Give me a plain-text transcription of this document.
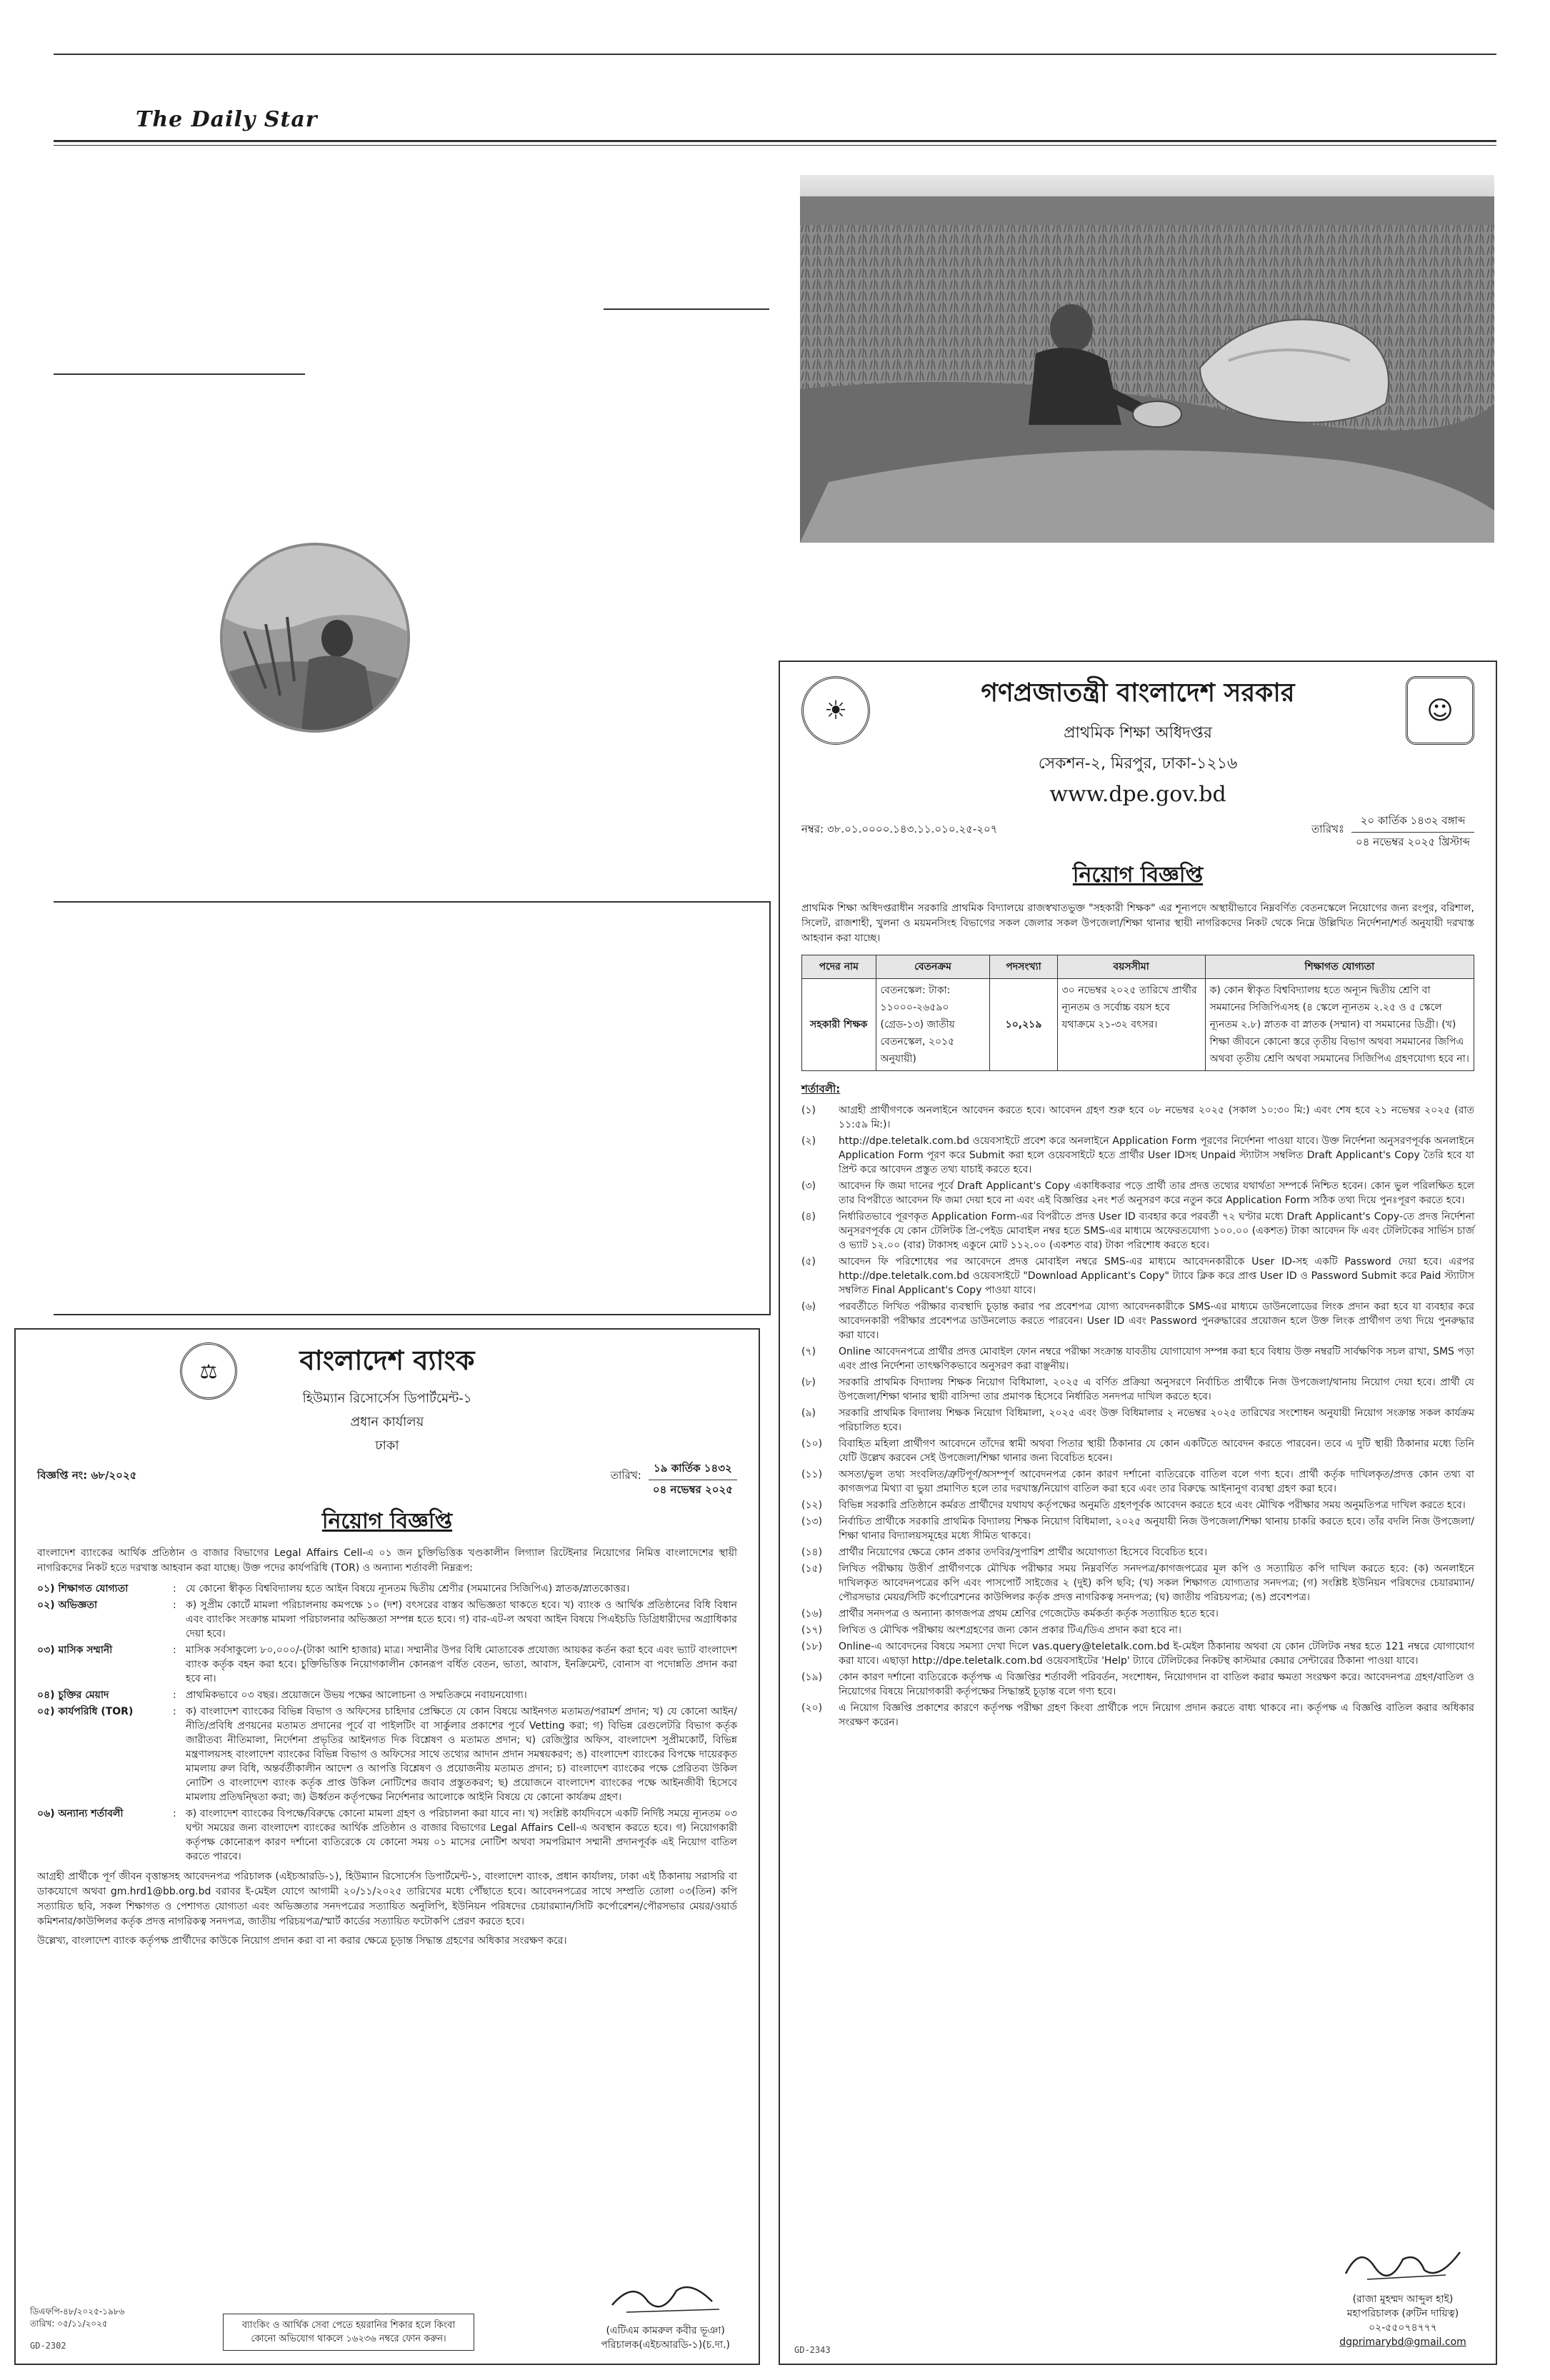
The Daily Star
☀	☺
গণপ্রজাতন্ত্রী বাংলাদেশ সরকার
প্রাথমিক শিক্ষা অধিদপ্তর
সেকশন-২, মিরপুর, ঢাকা-১২১৬
www.dpe.gov.bd
নম্বর: ৩৮.০১.০০০০.১৪৩.১১.০১০.২৫-২০৭	তারিখঃ
২০ কার্তিক ১৪৩২ বঙ্গাব্দ
০৪ নভেম্বর ২০২৫ খ্রিস্টাব্দ
নিয়োগ বিজ্ঞপ্তি
প্রাথমিক শিক্ষা অধিদপ্তরাধীন সরকারি প্রাথমিক বিদ্যালয়ে রাজস্বখাতভুক্ত "সহকারী শিক্ষক" এর শূন্যপদে অস্থায়ীভাবে নিম্নবর্ণিত বেতনস্কেলে নিয়োগের জন্য রংপুর, বরিশাল, সিলেট, রাজশাহী, খুলনা ও ময়মনসিংহ বিভাগের সকল জেলার সকল উপজেলা/শিক্ষা থানার স্থায়ী নাগরিকদের নিকট থেকে নিম্নে উল্লিখিত নির্দেশনা/শর্ত অনুযায়ী দরখাস্ত আহবান করা যাচ্ছে।
পদের নাম	বেতনক্রম	পদসংখ্যা	বয়সসীমা	শিক্ষাগত যোগ্যতা
সহকারী শিক্ষক	বেতনস্কেল: টাকা: ১১০০০-২৬৫৯০ (গ্রেড-১৩) জাতীয় বেতনস্কেল, ২০১৫ অনুযায়ী)	১০,২১৯	৩০ নভেম্বর ২০২৫ তারিখে প্রার্থীর ন্যূনতম ও সর্বোচ্চ বয়স হবে যথাক্রমে ২১-৩২ বৎসর।	ক) কোন স্বীকৃত বিশ্ববিদ্যালয় হতে অন্যূন দ্বিতীয় শ্রেণি বা সমমানের সিজিপিএসহ (৪ স্কেলে ন্যূনতম ২.২৫ ও ৫ স্কেলে ন্যূনতম ২.৮) স্নাতক বা স্নাতক (সম্মান) বা সমমানের ডিগ্রী। (খ) শিক্ষা জীবনে কোনো স্তরে তৃতীয় বিভাগ অথবা সমমানের জিপিএ অথবা তৃতীয় শ্রেণি অথবা সমমানের সিজিপিএ গ্রহণযোগ্য হবে না।
শর্তাবলী:
(১)	আগ্রহী প্রার্থীগণকে অনলাইনে আবেদন করতে হবে। আবেদন গ্রহণ শুরু হবে ০৮ নভেম্বর ২০২৫ (সকাল ১০:৩০ মি:) এবং শেষ হবে ২১ নভেম্বর ২০২৫ (রাত ১১:৫৯ মি:)।
(২)	http://dpe.teletalk.com.bd ওয়েবসাইটে প্রবেশ করে অনলাইনে Application Form পূরণের নির্দেশনা পাওয়া যাবে। উক্ত নির্দেশনা অনুসরণপূর্বক অনলাইনে Application Form পূরণ করে Submit করা হলে ওয়েবসাইটে হতে প্রার্থীর User IDসহ Unpaid স্ট্যাটাস সম্বলিত Draft Applicant's Copy তৈরি হবে যা প্রিন্ট করে আবেদন প্রস্তুত তথ্য যাচাই করতে হবে।
(৩)	আবেদন ফি জমা দানের পূর্বে Draft Applicant's Copy একাধিকবার পড়ে প্রার্থী তার প্রদত্ত তথ্যের যথার্থতা সম্পর্কে নিশ্চিত হবেন। কোন ভুল পরিলক্ষিত হলে তার বিপরীতে আবেদন ফি জমা দেয়া হবে না এবং এই বিজ্ঞপ্তির ২নং শর্ত অনুসরণ করে নতুন করে Application Form সঠিক তথ্য দিয়ে পুনঃপূরণ করতে হবে।
(৪)	নির্ধারিতভাবে পূরণকৃত Application Form-এর বিপরীতে প্রদত্ত User ID ব্যবহার করে পরবর্তী ৭২ ঘণ্টার মধ্যে Draft Applicant's Copy-তে প্রদত্ত নির্দেশনা অনুসরণপূর্বক যে কোন টেলিটক প্রি-পেইড মোবাইল নম্বর হতে SMS-এর মাধ্যমে অফেরতযোগ্য ১০০.০০ (একশত) টাকা আবেদন ফি এবং টেলিটকের সার্ভিস চার্জ ও ভ্যাট ১২.০০ (বার) টাকাসহ একুনে মোট ১১২.০০ (একশত বার) টাকা পরিশোধ করতে হবে।
(৫)	আবেদন ফি পরিশোধের পর আবেদনে প্রদত্ত মোবাইল নম্বরে SMS-এর মাধ্যমে আবেদনকারীকে User ID-সহ একটি Password দেয়া হবে। এরপর http://dpe.teletalk.com.bd ওয়েবসাইটে "Download Applicant's Copy" ট্যাবে ক্লিক করে প্রাপ্ত User ID ও Password Submit করে Paid স্ট্যাটাস সম্বলিত Final Applicant's Copy পাওয়া যাবে।
(৬)	পরবর্তীতে লিখিত পরীক্ষার ব্যবস্থাদি চূড়ান্ত করার পর প্রবেশপত্র যোগ্য আবেদনকারীকে SMS-এর মাধ্যমে ডাউনলোডের লিংক প্রদান করা হবে যা ব্যবহার করে আবেদনকারী পরীক্ষার প্রবেশপত্র ডাউনলোড করতে পারবেন। User ID এবং Password পুনরুদ্ধারের প্রয়োজন হলে উক্ত লিংক প্রার্থীগণ তথ্য দিয়ে পুনরুদ্ধার করা যাবে।
(৭)	Online আবেদনপত্রে প্রার্থীর প্রদত্ত মোবাইল ফোন নম্বরে পরীক্ষা সংক্রান্ত যাবতীয় যোগাযোগ সম্পন্ন করা হবে বিধায় উক্ত নম্বরটি সার্বক্ষণিক সচল রাখা, SMS পড়া এবং প্রাপ্ত নির্দেশনা তাৎক্ষণিকভাবে অনুসরণ করা বাঞ্ছনীয়।
(৮)	সরকারি প্রাথমিক বিদ্যালয় শিক্ষক নিয়োগ বিধিমালা, ২০২৫ এ বর্ণিত প্রক্রিয়া অনুসরণে নির্বাচিত প্রার্থীকে নিজ উপজেলা/থানায় নিয়োগ দেয়া হবে। প্রার্থী যে উপজেলা/শিক্ষা থানার স্থায়ী বাসিন্দা তার প্রমাণক হিসেবে নির্ধারিত সনদপত্র দাখিল করতে হবে।
(৯)	সরকারি প্রাথমিক বিদ্যালয় শিক্ষক নিয়োগ বিধিমালা, ২০২৫ এবং উক্ত বিধিমালার ২ নভেম্বর ২০২৫ তারিখের সংশোধন অনুযায়ী নিয়োগ সংক্রান্ত সকল কার্যক্রম পরিচালিত হবে।
(১০)	বিবাহিত মহিলা প্রার্থীগণ আবেদনে তাঁদের স্বামী অথবা পিতার স্থায়ী ঠিকানার যে কোন একটিতে আবেদন করতে পারবেন। তবে এ দুটি স্থায়ী ঠিকানার মধ্যে তিনি যেটি উল্লেখ করবেন সেই উপজেলা/শিক্ষা থানার জন্য বিবেচিত হবেন।
(১১)	অসত্য/ভুল তথ্য সংবলিত/ত্রুটিপূর্ণ/অসম্পূর্ণ আবেদনপত্র কোন কারণ দর্শানো ব্যতিরেকে বাতিল বলে গণ্য হবে। প্রার্থী কর্তৃক দাখিলকৃত/প্রদত্ত কোন তথ্য বা কাগজপত্র মিথ্যা বা ভুয়া প্রমাণিত হলে তার দরখাস্ত/নিয়োগ বাতিল করা হবে এবং তার বিরুদ্ধে আইনানুগ ব্যবস্থা গ্রহণ করা হবে।
(১২)	বিভিন্ন সরকারি প্রতিষ্ঠানে কর্মরত প্রার্থীদের যথাযথ কর্তৃপক্ষের অনুমতি গ্রহণপূর্বক আবেদন করতে হবে এবং মৌখিক পরীক্ষার সময় অনুমতিপত্র দাখিল করতে হবে।
(১৩)	নির্বাচিত প্রার্থীকে সরকারি প্রাথমিক বিদ্যালয় শিক্ষক নিয়োগ বিধিমালা, ২০২৫ অনুযায়ী নিজ উপজেলা/শিক্ষা থানায় চাকরি করতে হবে। তাঁর বদলি নিজ উপজেলা/শিক্ষা থানার বিদ্যালয়সমূহের মধ্যে সীমিত থাকবে।
(১৪)	প্রার্থীর নিয়োগের ক্ষেত্রে কোন প্রকার তদবির/সুপারিশ প্রার্থীর অযোগ্যতা হিসেবে বিবেচিত হবে।
(১৫)	লিখিত পরীক্ষায় উত্তীর্ণ প্রার্থীগণকে মৌখিক পরীক্ষার সময় নিম্নবর্ণিত সনদপত্র/কাগজপত্রের মূল কপি ও সত্যায়িত কপি দাখিল করতে হবে: (ক) অনলাইনে দাখিলকৃত আবেদনপত্রের কপি এবং পাসপোর্ট সাইজের ২ (দুই) কপি ছবি; (খ) সকল শিক্ষাগত যোগ্যতার সনদপত্র; (গ) সংশ্লিষ্ট ইউনিয়ন পরিষদের চেয়ারম্যান/পৌরসভার মেয়র/সিটি কর্পোরেশনের কাউন্সিলর কর্তৃক প্রদত্ত নাগরিকত্ব সনদপত্র; (ঘ) জাতীয় পরিচয়পত্র; (ঙ) প্রবেশপত্র।
(১৬)	প্রার্থীর সনদপত্র ও অন্যান্য কাগজপত্র প্রথম শ্রেণির গেজেটেড কর্মকর্তা কর্তৃক সত্যায়িত হতে হবে।
(১৭)	লিখিত ও মৌখিক পরীক্ষায় অংশগ্রহণের জন্য কোন প্রকার টিএ/ডিএ প্রদান করা হবে না।
(১৮)	Online-এ আবেদনের বিষয়ে সমস্যা দেখা দিলে vas.query@teletalk.com.bd ই-মেইল ঠিকানায় অথবা যে কোন টেলিটক নম্বর হতে 121 নম্বরে যোগাযোগ করা যাবে। এছাড়া http://dpe.teletalk.com.bd ওয়েবসাইটের 'Help' ট্যাবে টেলিটকের নিকটস্থ কাস্টমার কেয়ার সেন্টারের ঠিকানা পাওয়া যাবে।
(১৯)	কোন কারণ দর্শানো ব্যতিরেকে কর্তৃপক্ষ এ বিজ্ঞপ্তির শর্তাবলী পরিবর্তন, সংশোধন, নিয়োগদান বা বাতিল করার ক্ষমতা সংরক্ষণ করে। আবেদনপত্র গ্রহণ/বাতিল ও নিয়োগের বিষয়ে নিয়োগকারী কর্তৃপক্ষের সিদ্ধান্তই চূড়ান্ত বলে গণ্য হবে।
(২০)	এ নিয়োগ বিজ্ঞপ্তি প্রকাশের কারণে কর্তৃপক্ষ পরীক্ষা গ্রহণ কিংবা প্রার্থীকে পদে নিয়োগ প্রদান করতে বাধ্য থাকবে না। কর্তৃপক্ষ এ বিজ্ঞপ্তি বাতিল করার অধিকার সংরক্ষণ করেন।
(রাজা মুহম্মদ আব্দুল হাই)
মহাপরিচালক (রুটিন দায়িত্ব)
০২-৫৫০৭৪৭৭৭
dgprimarybd@gmail.com
GD-2343
⚖	বাংলাদেশ ব্যাংক
হিউম্যান রিসোর্সেস ডিপার্টমেন্ট-১
প্রধান কার্যালয়
ঢাকা
বিজ্ঞপ্তি নং: ৬৮/২০২৫	তারিখ:
১৯ কার্তিক ১৪৩২
০৪ নভেম্বর ২০২৫
নিয়োগ বিজ্ঞপ্তি
বাংলাদেশ ব্যাংকের আর্থিক প্রতিষ্ঠান ও বাজার বিভাগের Legal Affairs Cell-এ ০১ জন চুক্তিভিত্তিক খণ্ডকালীন লিগ্যাল রিটেইনার নিয়োগের নিমিত্ত বাংলাদেশের স্থায়ী নাগরিকদের নিকট হতে দরখাস্ত আহবান করা যাচ্ছে। উক্ত পদের কার্যপরিধি (TOR) ও অন্যান্য শর্তাবলী নিম্নরূপ:
০১) শিক্ষাগত যোগ্যতা	: যে কোনো স্বীকৃত বিশ্ববিদ্যালয় হতে আইন বিষয়ে ন্যূনতম দ্বিতীয় শ্রেণীর (সমমানের সিজিপিএ) স্নাতক/স্নাতকোত্তর।
০২) অভিজ্ঞতা	: ক) সুপ্রীম কোর্টে মামলা পরিচালনায় কমপক্ষে ১০ (দশ) বৎসরের বাস্তব অভিজ্ঞতা থাকতে হবে। খ) ব্যাংক ও আর্থিক প্রতিষ্ঠানের বিধি বিধান এবং ব্যাংকিং সংক্রান্ত মামলা পরিচালনার অভিজ্ঞতা সম্পন্ন হতে হবে। গ) বার-এট-ল অথবা আইন বিষয়ে পিএইচডি ডিগ্রিধারীদের অগ্রাধিকার দেয়া হবে।
০৩) মাসিক সম্মানী	: মাসিক সর্বসাকুল্যে ৮০,০০০/-(টাকা আশি হাজার) মাত্র। সম্মানীর উপর বিধি মোতাবেক প্রযোজ্য আয়কর কর্তন করা হবে এবং ভ্যাট বাংলাদেশ ব্যাংক কর্তৃক বহন করা হবে। চুক্তিভিত্তিক নিয়োগকালীন কোনরূপ বর্ধিত বেতন, ভাতা, আবাস, ইনক্রিমেন্ট, বোনাস বা পদোন্নতি প্রদান করা হবে না।
০৪) চুক্তির মেয়াদ	: প্রাথমিকভাবে ০৩ বছর। প্রয়োজনে উভয় পক্ষের আলোচনা ও সম্মতিক্রমে নবায়নযোগ্য।
০৫) কার্যপরিধি (TOR)	: ক) বাংলাদেশ ব্যাংকের বিভিন্ন বিভাগ ও অফিসের চাহিদার প্রেক্ষিতে যে কোন বিষয়ে আইনগত মতামত/পরামর্শ প্রদান; খ) যে কোনো আইন/নীতি/প্রবিধি প্রণয়নের মতামত প্রদানের পূর্বে বা পাইলটিং বা সার্কুলার প্রকাশের পূর্বে Vetting করা; গ) বিভিন্ন রেগুলেটরি বিভাগ কর্তৃক জারীতব্য নীতিমালা, নির্দেশনা প্রভৃতির আইনগত দিক বিশ্লেষণ ও মতামত প্রদান; ঘ) রেজিস্ট্রার অফিস, বাংলাদেশ সুপ্রীমকোর্ট, বিভিন্ন মন্ত্রণালয়সহ বাংলাদেশ ব্যাংকের বিভিন্ন বিভাগ ও অফিসের সাথে তথ্যের আদান প্রদান সমন্বয়করণ; ঙ) বাংলাদেশ ব্যাংকের বিপক্ষে দায়েরকৃত মামলায় রুল বিধি, অন্তর্বর্তীকালীন আদেশ ও আপত্তি বিশ্লেষণ ও প্রয়োজনীয় মতামত প্রদান; চ) বাংলাদেশ ব্যাংকের পক্ষে প্রেরিতব্য উকিল নোটিশ ও বাংলাদেশ ব্যাংক কর্তৃক প্রাপ্ত উকিল নোটিশের জবাব প্রস্তুতকরণ; ছ) প্রয়োজনে বাংলাদেশ ব্যাংকের পক্ষে আইনজীবী হিসেবে মামলায় প্রতিদ্বন্দ্বিতা করা; জ) ঊর্ধ্বতন কর্তৃপক্ষের নির্দেশনার আলোকে আইনি বিষয়ে যে কোনো কার্যক্রম গ্রহণ।
০৬) অন্যান্য শর্তাবলী	: ক) বাংলাদেশ ব্যাংকের বিপক্ষে/বিরুদ্ধে কোনো মামলা গ্রহণ ও পরিচালনা করা যাবে না। খ) সংশ্লিষ্ট কার্যদিবসে একটি নির্দিষ্ট সময়ে ন্যূনতম ০৩ ঘণ্টা সময়ের জন্য বাংলাদেশ ব্যাংকের আর্থিক প্রতিষ্ঠান ও বাজার বিভাগের Legal Affairs Cell-এ অবস্থান করতে হবে। গ) নিয়োগকারী কর্তৃপক্ষ কোনোরূপ কারণ দর্শানো ব্যতিরেকে যে কোনো সময় ০১ মাসের নোটিশ অথবা সমপরিমাণ সম্মানী প্রদানপূর্বক এই নিয়োগ বাতিল করতে পারবে।
আগ্রহী প্রার্থীকে পূর্ণ জীবন বৃত্তান্তসহ আবেদনপত্র পরিচালক (এইচআরডি-১), হিউম্যান রিসোর্সেস ডিপার্টমেন্ট-১, বাংলাদেশ ব্যাংক, প্রধান কার্যালয়, ঢাকা এই ঠিকানায় সরাসরি বা ডাকযোগে অথবা gm.hrd1@bb.org.bd বরাবর ই-মেইল যোগে আগামী ২০/১১/২০২৫ তারিখের মধ্যে পৌঁছাতে হবে। আবেদনপত্রের সাথে সম্প্রতি তোলা ০৩(তিন) কপি সত্যায়িত ছবি, সকল শিক্ষাগত ও পেশাগত যোগ্যতা এবং অভিজ্ঞতার সনদপত্রের সত্যায়িত অনুলিপি, ইউনিয়ন পরিষদের চেয়ারম্যান/সিটি কর্পোরেশন/পৌরসভার মেয়র/ওয়ার্ড কমিশনার/কাউন্সিলর কর্তৃক প্রদত্ত নাগরিকত্ব সনদপত্র, জাতীয় পরিচয়পত্র/স্মার্ট কার্ডের সত্যায়িত ফটোকপি প্রেরণ করতে হবে।
উল্লেখ্য, বাংলাদেশ ব্যাংক কর্তৃপক্ষ প্রার্থীদের কাউকে নিয়োগ প্রদান করা বা না করার ক্ষেত্রে চূড়ান্ত সিদ্ধান্ত গ্রহণের অধিকার সংরক্ষণ করে।
ডিএফপি-৪৮/২০২৫-১৯৮৬
তারিখ: ০৫/১১/২০২৫
GD-2302
ব্যাংকিং ও আর্থিক সেবা পেতে হয়রানির শিকার হলে কিংবা কোনো অভিযোগ থাকলে ১৬২৩৬ নম্বরে ফোন করুন।
(এটিএম কামরুল কবীর ভূঞা)
পরিচালক(এইচআরডি-১)(চ.দা.)
